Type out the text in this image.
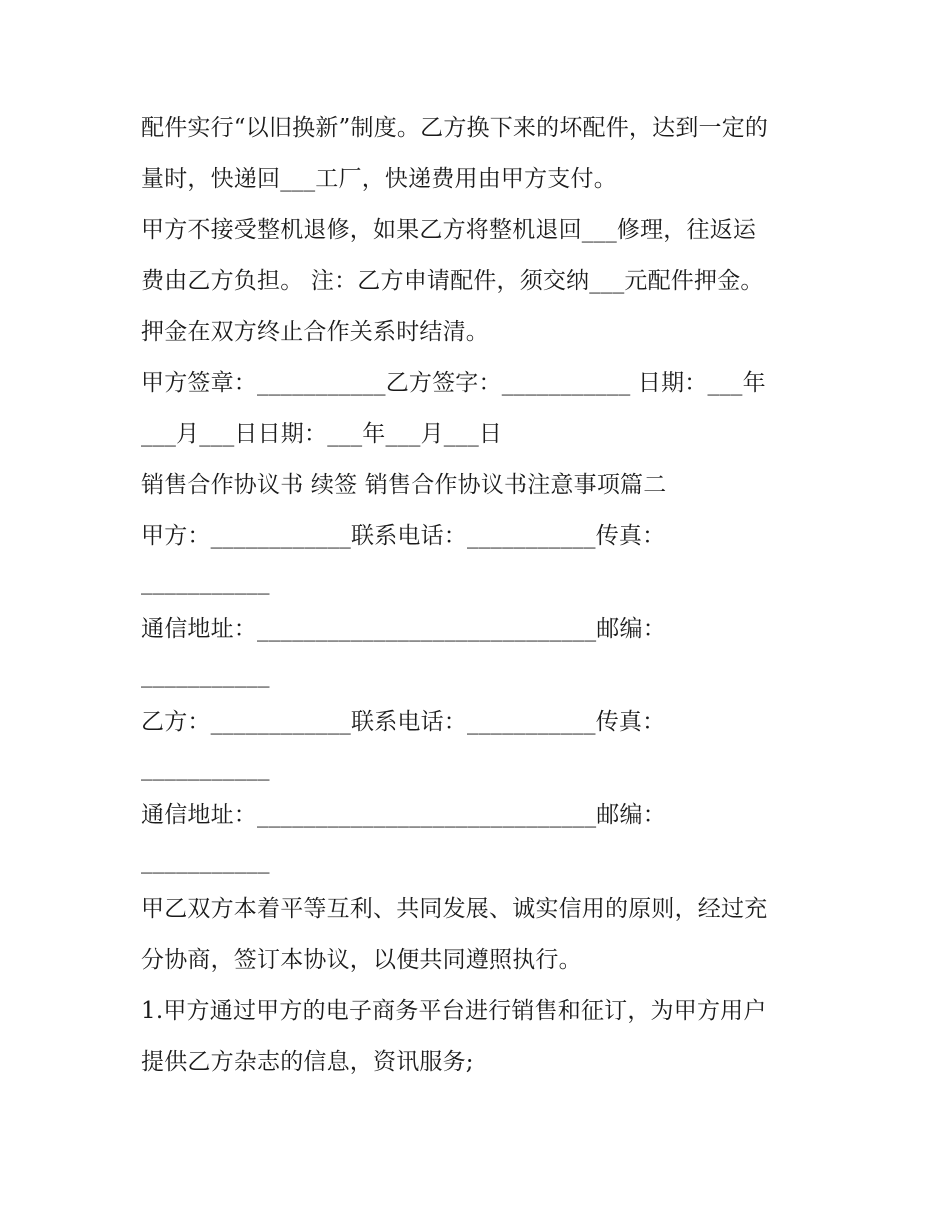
配件实行“以旧换新”制度。乙方换下来的坏配件，达到一定的
量时，快递回___工厂，快递费用由甲方支付。
甲方不接受整机退修，如果乙方将整机退回___修理，往返运
费由乙方负担。 注：乙方申请配件，须交纳___元配件押金。
押金在双方终止合作关系时结清。
甲方签章：___________乙方签字：___________ 日期：___年
___月___日日期：___年___月___日
销售合作协议书 续签 销售合作协议书注意事项篇二
甲方：____________联系电话：___________传真：
___________
通信地址：_____________________________邮编：
___________
乙方：____________联系电话：___________传真：
___________
通信地址：_____________________________邮编：
___________
甲乙双方本着平等互利、共同发展、诚实信用的原则，经过充
分协商，签订本协议，以便共同遵照执行。
1.甲方通过甲方的电子商务平台进行销售和征订，为甲方用户
提供乙方杂志的信息，资讯服务;
